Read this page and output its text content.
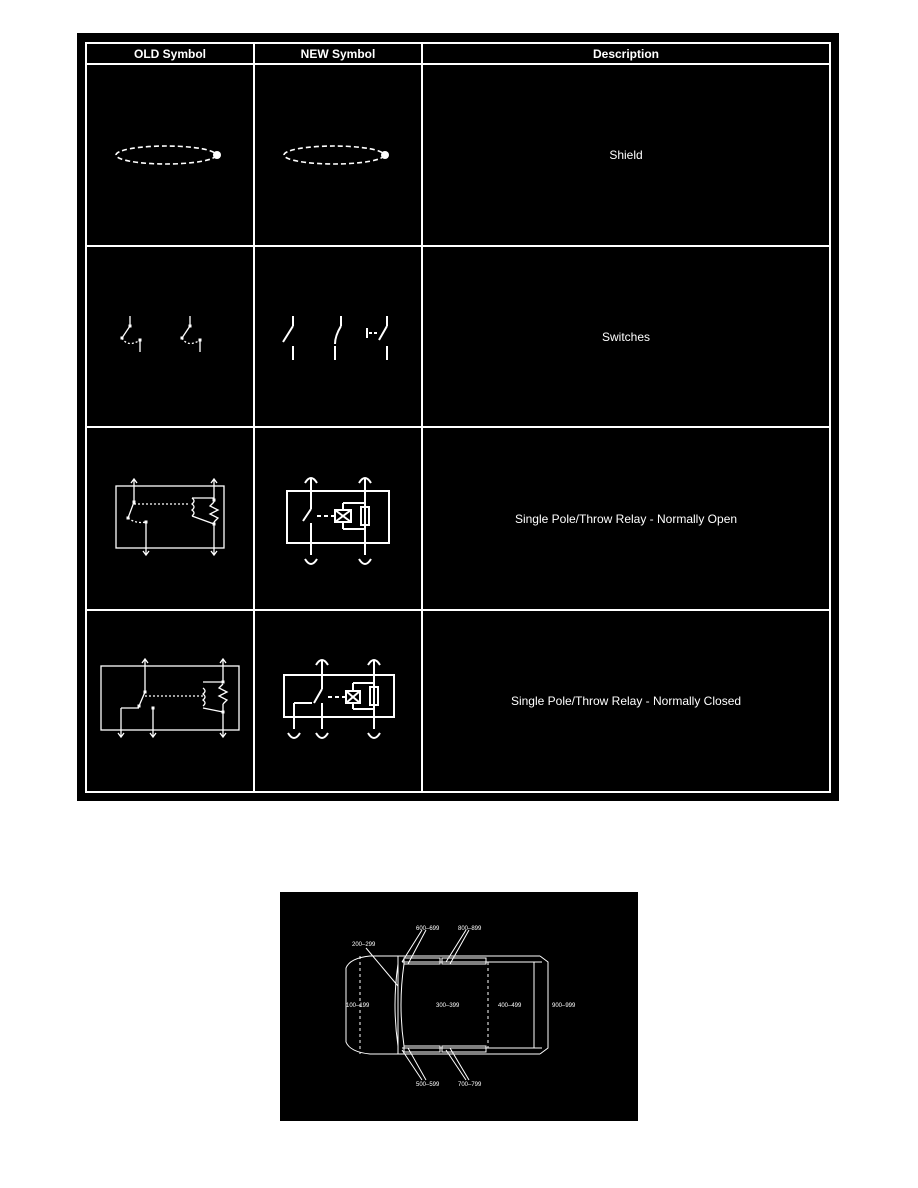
OLD Symbol	NEW Symbol	Description

	Shield

	Switches

	Single Pole/Throw Relay - Normally Open

	Single Pole/Throw Relay - Normally Closed
600–699	800–899
200–299
100–199	300–399	400–499	900–999
500–599	700–799
